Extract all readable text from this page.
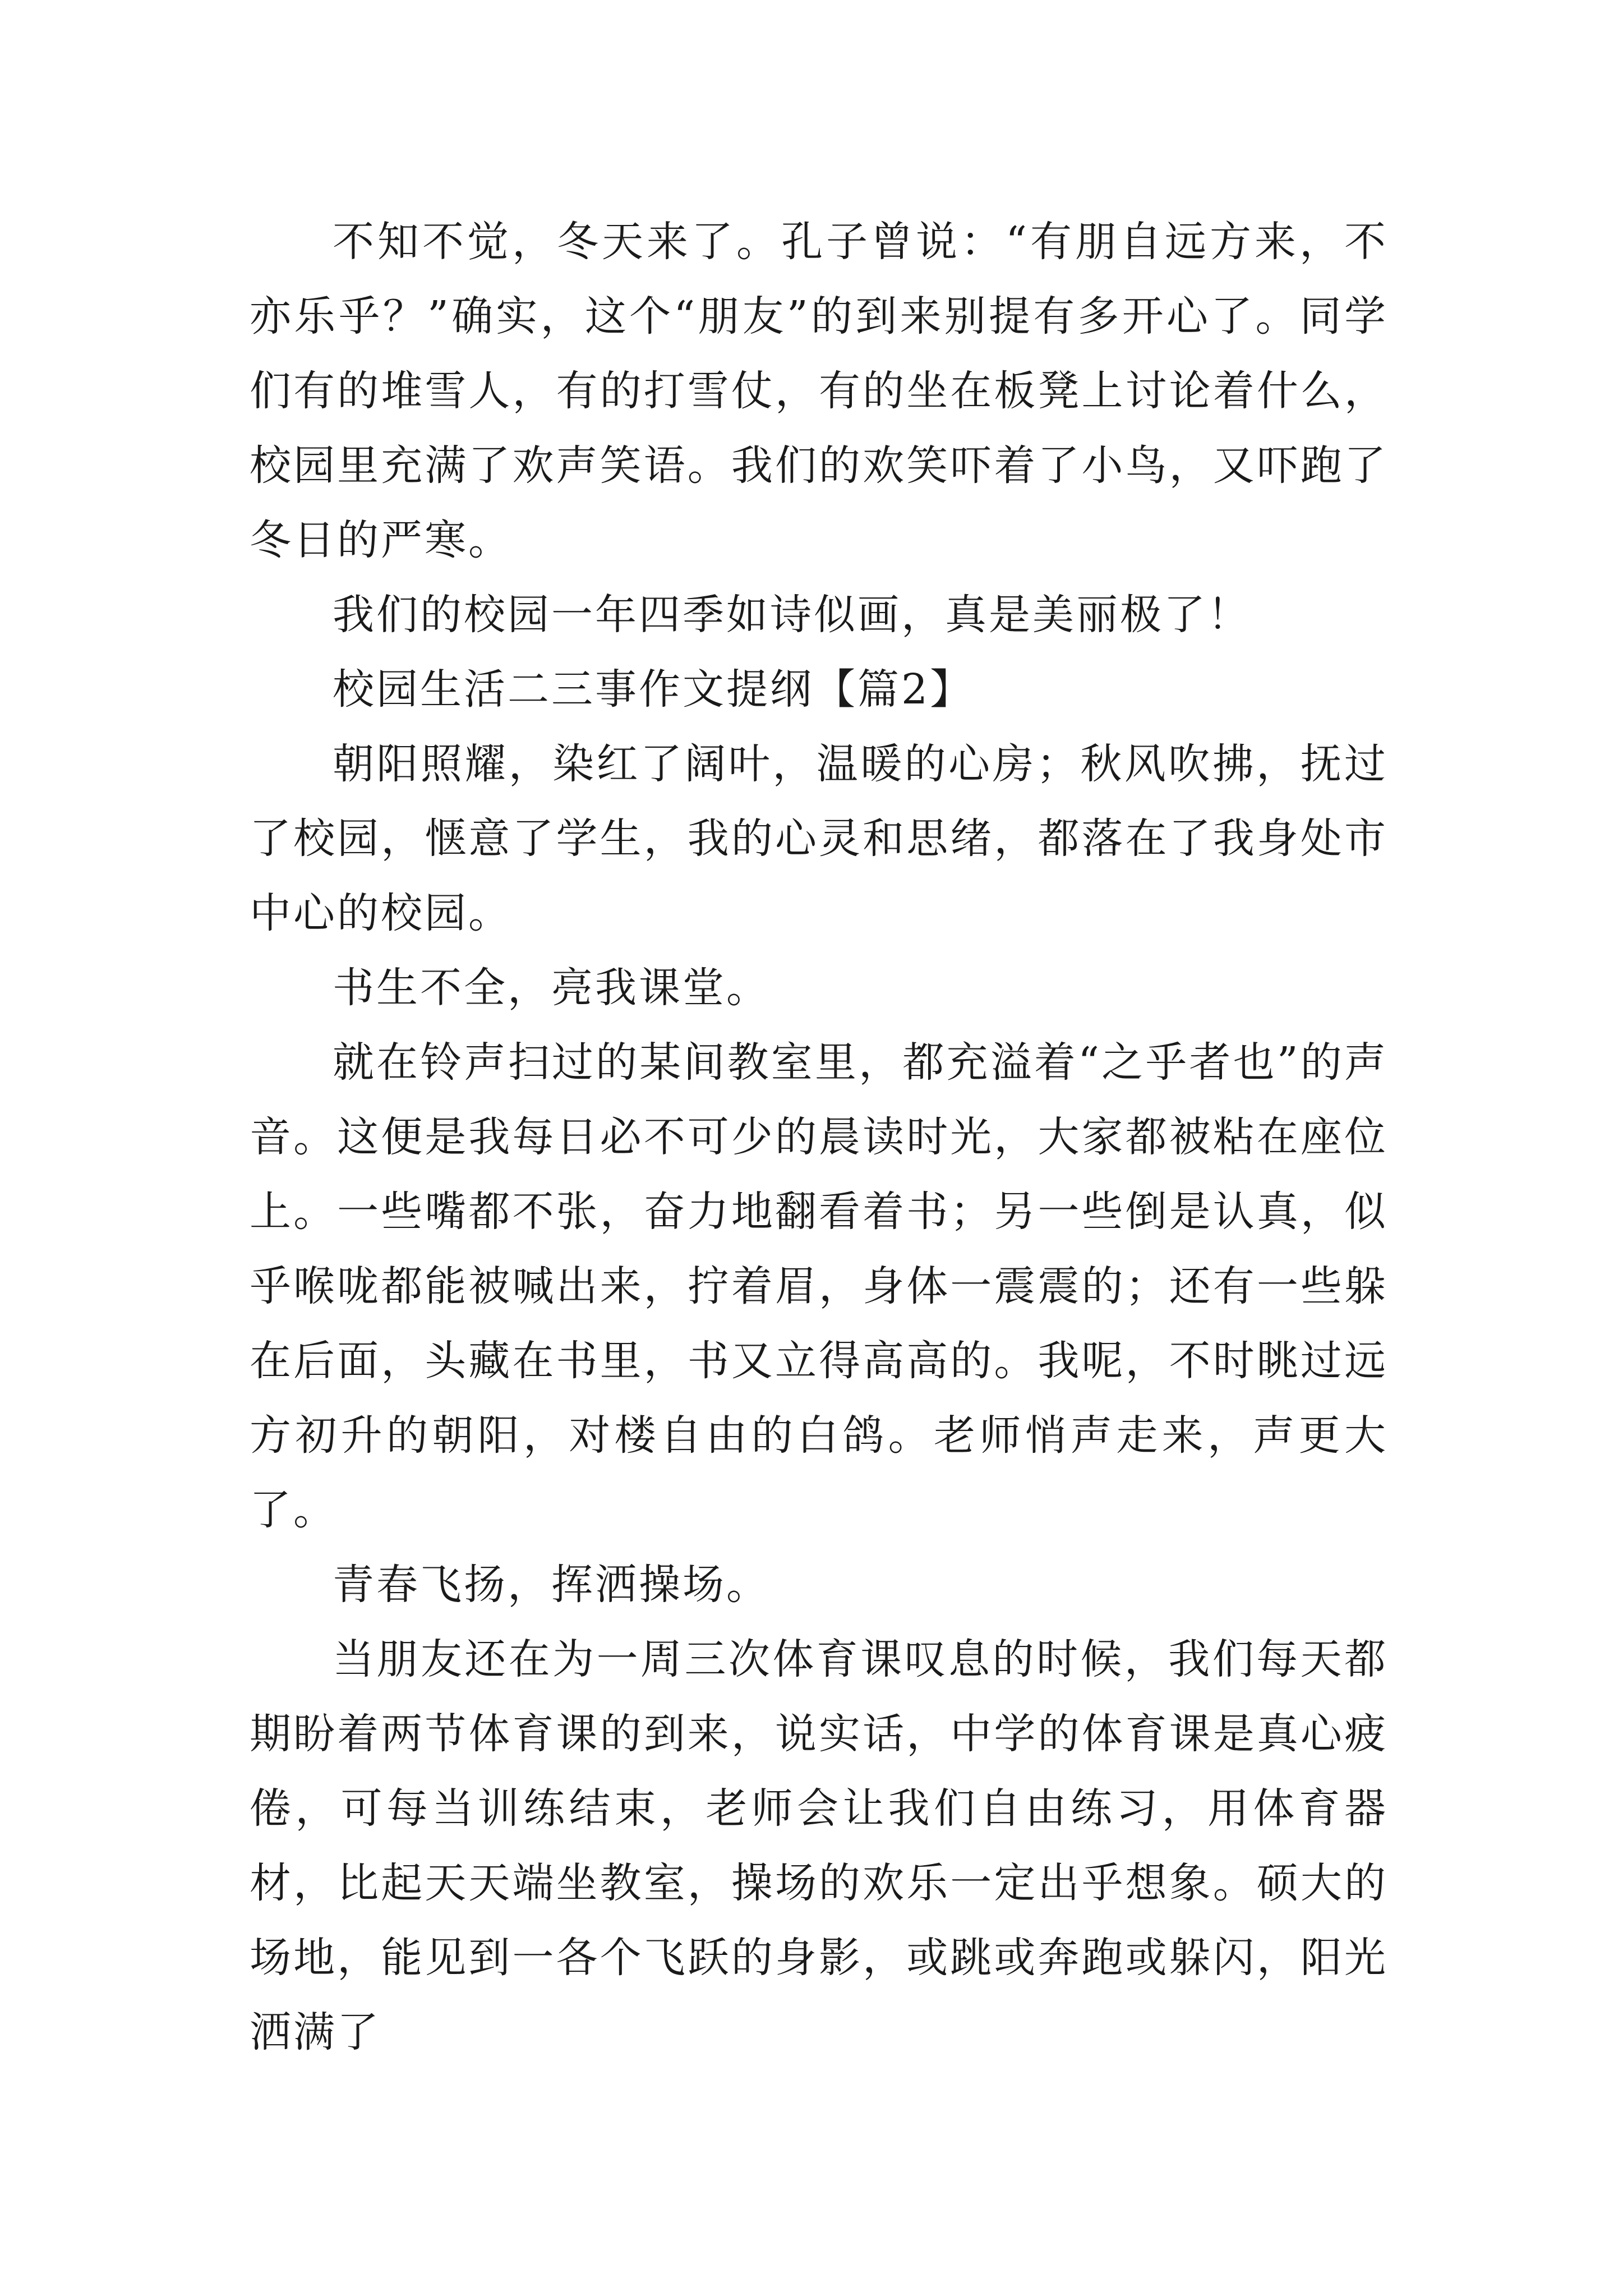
不知不觉，冬天来了。孔子曾说：“有朋自远方来，不亦乐乎？”确实，这个“朋友”的到来别提有多开心了。同学们有的堆雪人，有的打雪仗，有的坐在板凳上讨论着什么，校园里充满了欢声笑语。我们的欢笑吓着了小鸟，又吓跑了冬日的严寒。

我们的校园一年四季如诗似画，真是美丽极了！

校园生活二三事作文提纲【篇2】

朝阳照耀，染红了阔叶，温暖的心房；秋风吹拂，抚过了校园，惬意了学生，我的心灵和思绪，都落在了我身处市中心的校园。

书生不全，亮我课堂。

就在铃声扫过的某间教室里，都充溢着“之乎者也”的声音。这便是我每日必不可少的晨读时光，大家都被粘在座位上。一些嘴都不张，奋力地翻看着书；另一些倒是认真，似乎喉咙都能被喊出来，拧着眉，身体一震震的；还有一些躲在后面，头藏在书里，书又立得高高的。我呢，不时眺过远方初升的朝阳，对楼自由的白鸽。老师悄声走来，声更大了。

青春飞扬，挥洒操场。

当朋友还在为一周三次体育课叹息的时候，我们每天都期盼着两节体育课的到来，说实话，中学的体育课是真心疲倦，可每当训练结束，老师会让我们自由练习，用体育器材，比起天天端坐教室，操场的欢乐一定出乎想象。硕大的场地，能见到一各个飞跃的身影，或跳或奔跑或躲闪，阳光洒满了
